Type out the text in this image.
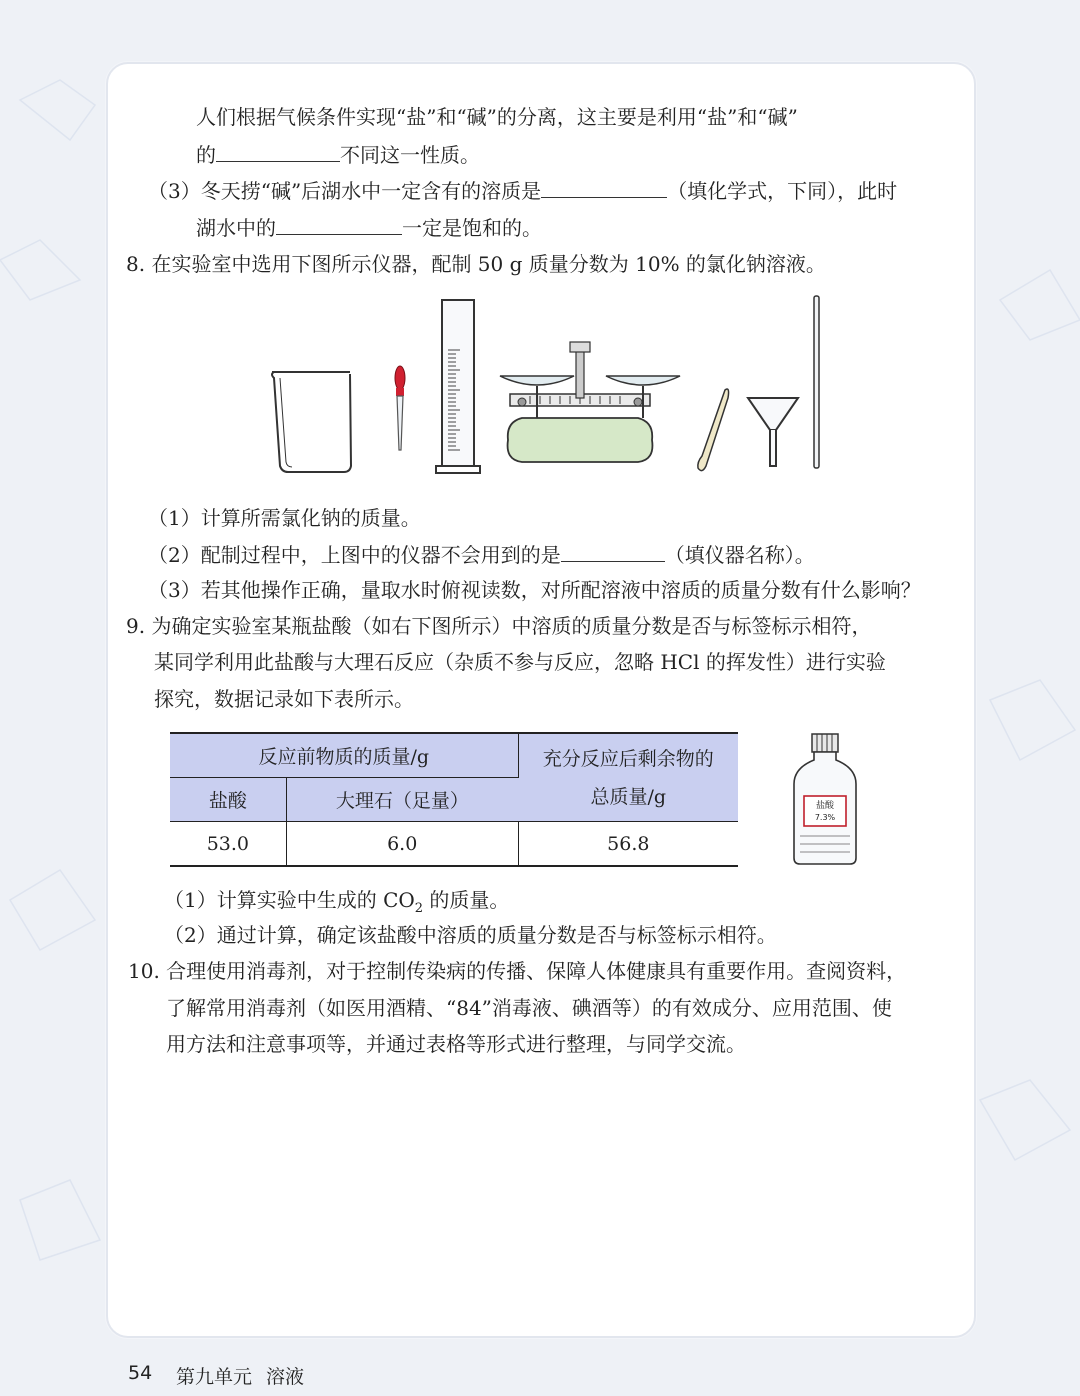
人们根据气候条件实现“盐”和“碱”的分离，这主要是利用“盐”和“碱”
的	不同这一性质。
（3）冬天捞“碱”后湖水中一定含有的溶质是	（填化学式，下同），此时
湖水中的	一定是饱和的。
8. 在实验室中选用下图所示仪器，配制 50 g 质量分数为 10% 的氯化钠溶液。
（1）计算所需氯化钠的质量。
（2）配制过程中，上图中的仪器不会用到的是	（填仪器名称）。
（3）若其他操作正确，量取水时俯视读数，对所配溶液中溶质的质量分数有什么影响？
9. 为确定实验室某瓶盐酸（如右下图所示）中溶质的质量分数是否与标签标示相符，
某同学利用此盐酸与大理石反应（杂质不参与反应，忽略 HCl 的挥发性）进行实验
探究，数据记录如下表所示。
反应前物质的质量/g		充分反应后剩余物的
总质量/g
盐酸	大理石（足量）	
53.0	6.0	56.8
盐酸
7.3%
（1）计算实验中生成的 $CO_2$ 的质量。
（2）通过计算，确定该盐酸中溶质的质量分数是否与标签标示相符。
10. 合理使用消毒剂，对于控制传染病的传播、保障人体健康具有重要作用。查阅资料，
了解常用消毒剂（如医用酒精、“84”消毒液、碘酒等）的有效成分、应用范围、使
用方法和注意事项等，并通过表格等形式进行整理，与同学交流。
54 第九单元 溶液
